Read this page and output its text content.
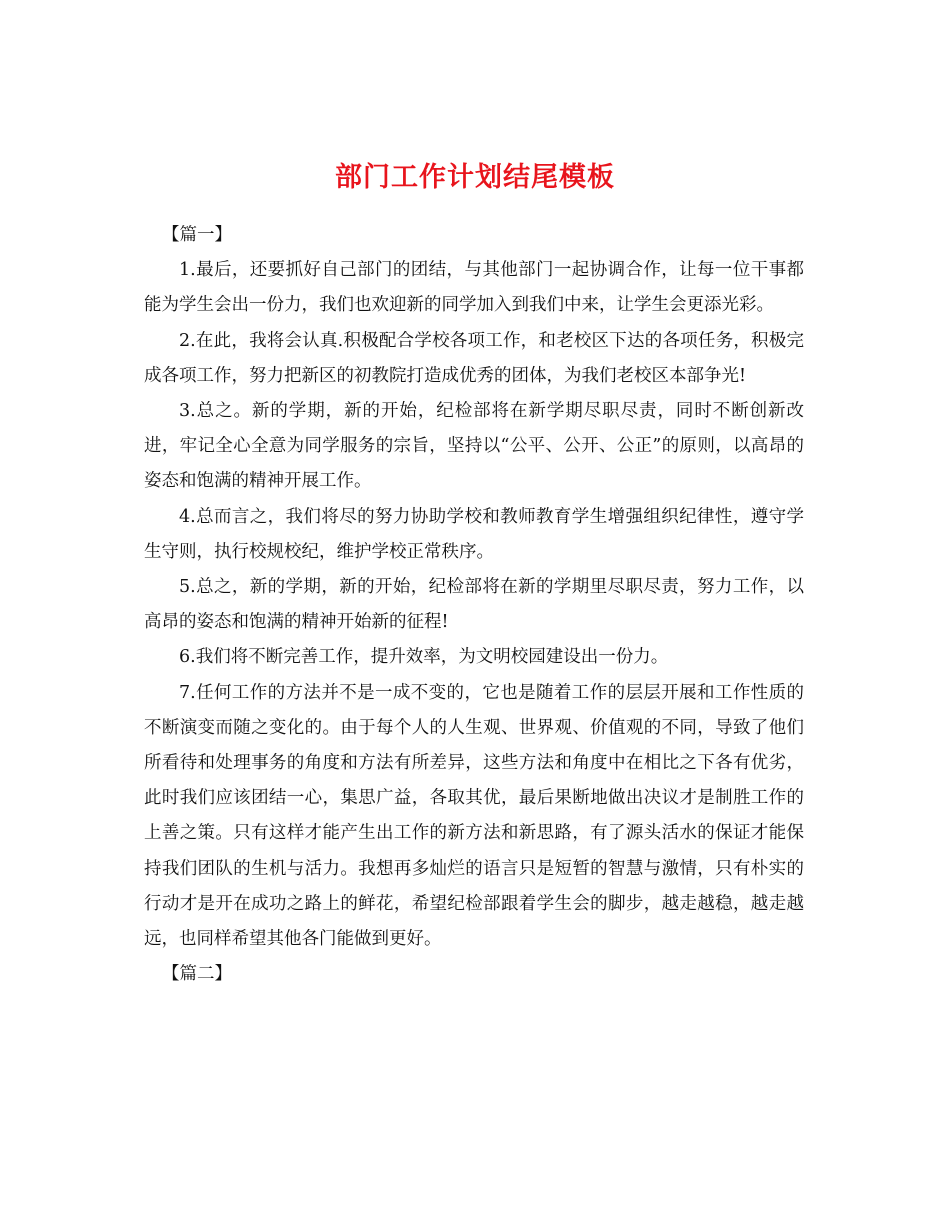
部门工作计划结尾模板

【篇一】

1.最后，还要抓好自己部门的团结，与其他部门一起协调合作，让每一位干事都能为学生会出一份力，我们也欢迎新的同学加入到我们中来，让学生会更添光彩。

2.在此，我将会认真.积极配合学校各项工作，和老校区下达的各项任务，积极完成各项工作，努力把新区的初教院打造成优秀的团体，为我们老校区本部争光!

3.总之。新的学期，新的开始，纪检部将在新学期尽职尽责，同时不断创新改进，牢记全心全意为同学服务的宗旨，坚持以“公平、公开、公正”的原则，以高昂的姿态和饱满的精神开展工作。

4.总而言之，我们将尽的努力协助学校和教师教育学生增强组织纪律性，遵守学生守则，执行校规校纪，维护学校正常秩序。

5.总之，新的学期，新的开始，纪检部将在新的学期里尽职尽责，努力工作，以高昂的姿态和饱满的精神开始新的征程!

6.我们将不断完善工作，提升效率，为文明校园建设出一份力。

7.任何工作的方法并不是一成不变的，它也是随着工作的层层开展和工作性质的不断演变而随之变化的。由于每个人的人生观、世界观、价值观的不同，导致了他们所看待和处理事务的角度和方法有所差异，这些方法和角度中在相比之下各有优劣，此时我们应该团结一心，集思广益，各取其优，最后果断地做出决议才是制胜工作的上善之策。只有这样才能产生出工作的新方法和新思路，有了源头活水的保证才能保持我们团队的生机与活力。我想再多灿烂的语言只是短暂的智慧与激情，只有朴实的行动才是开在成功之路上的鲜花，希望纪检部跟着学生会的脚步，越走越稳，越走越远，也同样希望其他各门能做到更好。

【篇二】
